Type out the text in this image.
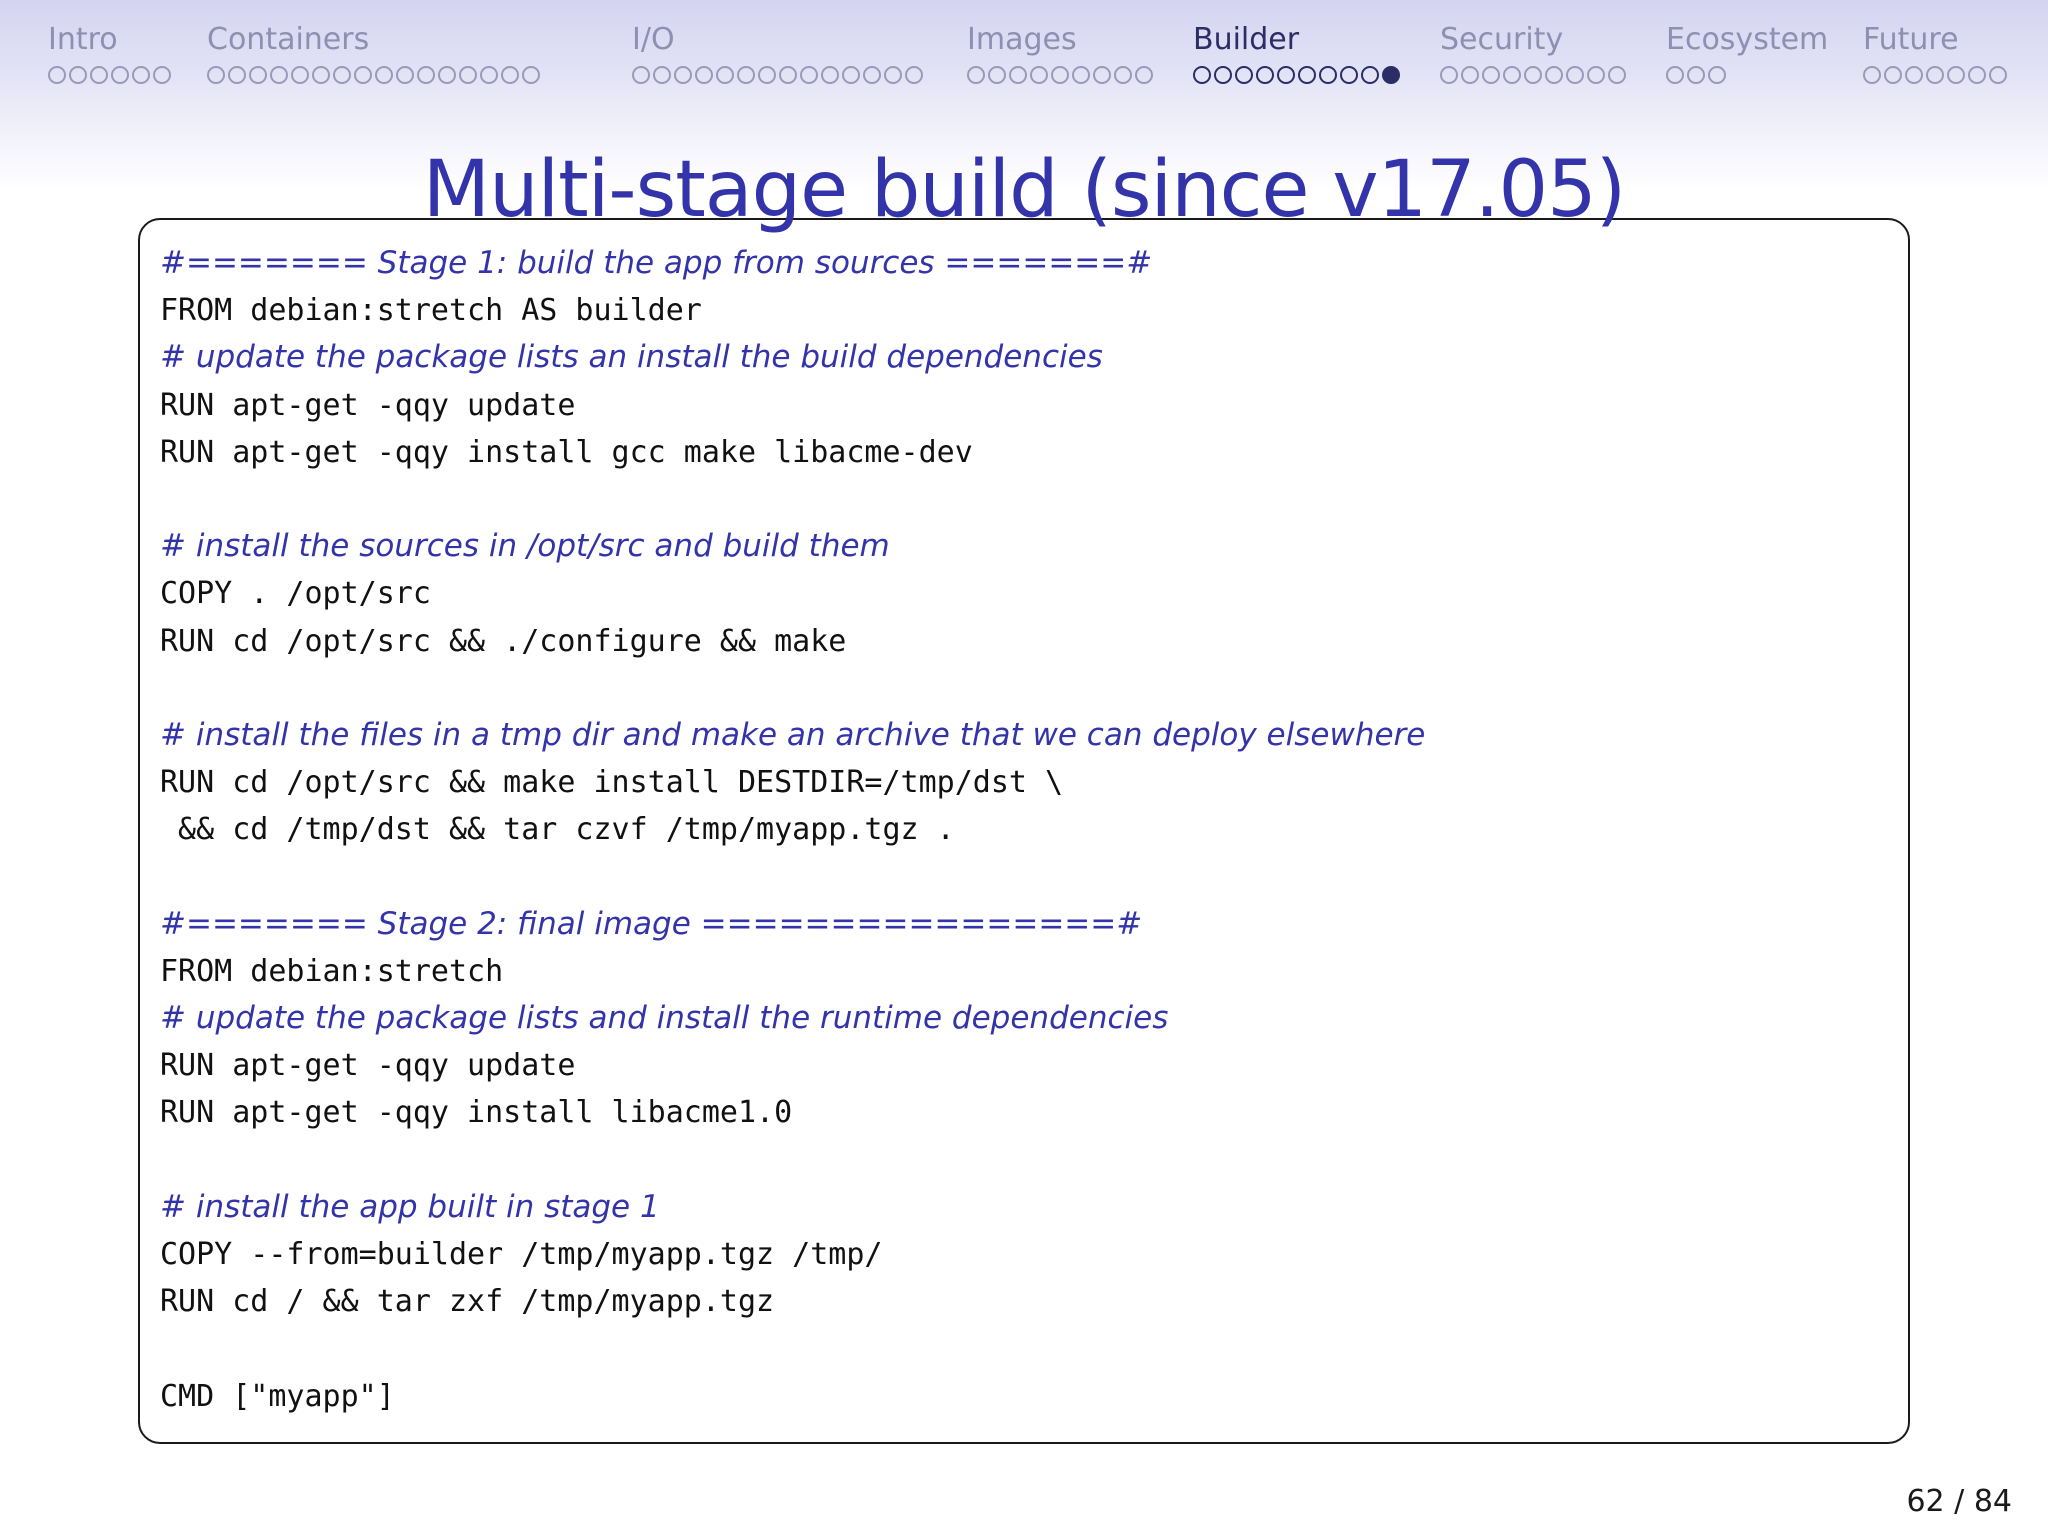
Intro	Containers	I/O	Images	Builder	Security	Ecosystem Future
Multi-stage build (since v17.05)
#======= Stage 1: build the app from sources =======#
FROM debian:stretch AS builder
# update the package lists an install the build dependencies
RUN apt-get -qqy update
RUN apt-get -qqy install gcc make libacme-dev
# install the sources in /opt/src and build them
COPY . /opt/src
RUN cd /opt/src && ./configure && make
# install the files in a tmp dir and make an archive that we can deploy elsewhere
RUN cd /opt/src && make install DESTDIR=/tmp/dst \
&& cd /tmp/dst && tar czvf /tmp/myapp.tgz .
#======= Stage 2: final image ================#
FROM debian:stretch
# update the package lists and install the runtime dependencies
RUN apt-get -qqy update
RUN apt-get -qqy install libacme1.0
# install the app built in stage 1
COPY --from=builder /tmp/myapp.tgz /tmp/
RUN cd / && tar zxf /tmp/myapp.tgz
CMD ["myapp"]
62 / 84
